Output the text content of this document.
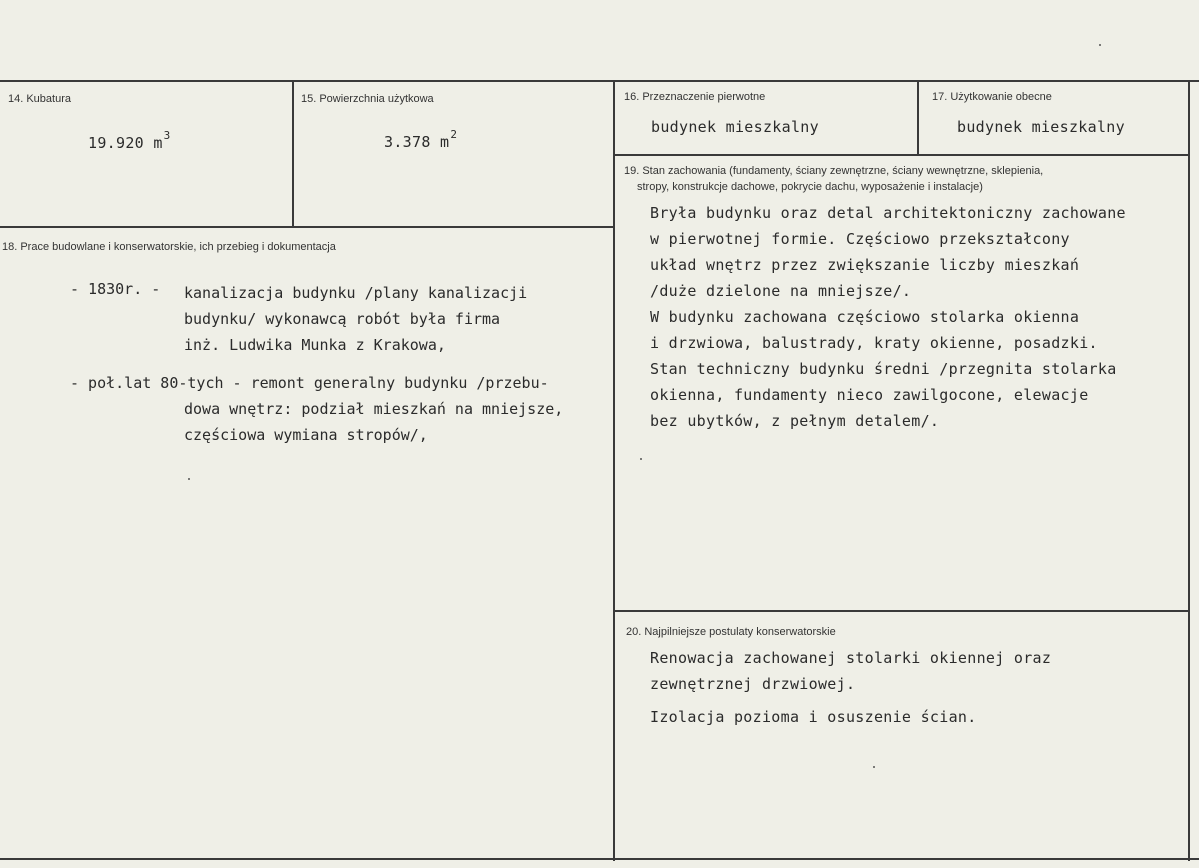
14. Kubatura
19.920 $m^3$
15. Powierzchnia użytkowa
3.378 $m^2$
16. Przeznaczenie pierwotne
budynek mieszkalny
17. Użytkowanie obecne
budynek mieszkalny
18. Prace budowlane i konserwatorskie, ich przebieg i dokumentacja
- 1830r. -	kanalizacja budynku /plany kanalizacji
budynku/ wykonawcą robót była firma
inż. Ludwika Munka z Krakowa,
- poł.lat 80-tych - remont generalny budynku /przebu-
dowa wnętrz: podział mieszkań na mniejsze,
częściowa wymiana stropów/,
19. Stan zachowania (fundamenty, ściany zewnętrzne, ściany wewnętrzne, sklepienia,
stropy, konstrukcje dachowe, pokrycie dachu, wyposażenie i instalacje)
Bryła budynku oraz detal architektoniczny zachowane
w pierwotnej formie. Częściowo przekształcony
układ wnętrz przez zwiększanie liczby mieszkań
/duże dzielone na mniejsze/.
W budynku zachowana częściowo stolarka okienna
i drzwiowa, balustrady, kraty okienne, posadzki.
Stan techniczny budynku średni /przegnita stolarka
okienna, fundamenty nieco zawilgocone, elewacje
bez ubytków, z pełnym detalem/.
20. Najpilniejsze postulaty konserwatorskie
Renowacja zachowanej stolarki okiennej oraz
zewnętrznej drzwiowej.
Izolacja pozioma i osuszenie ścian.
